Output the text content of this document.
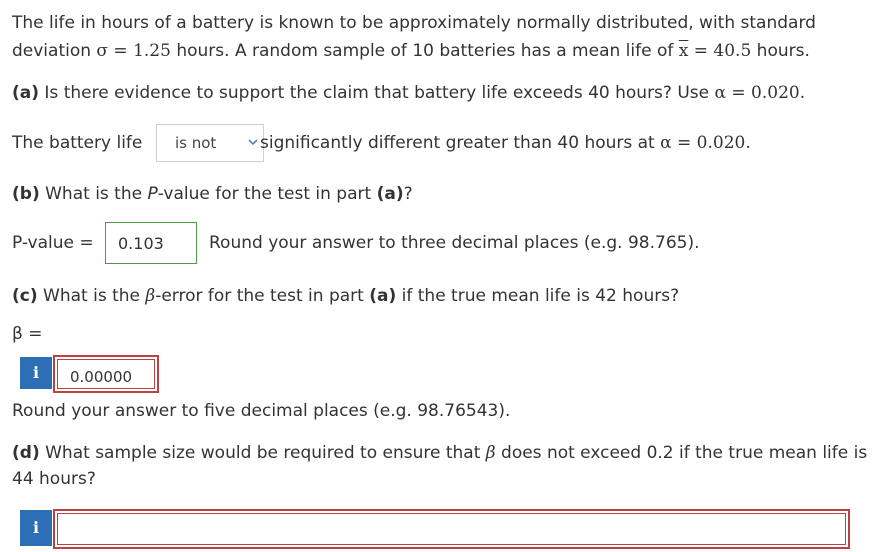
The life in hours of a battery is known to be approximately normally distributed, with standard
deviation σ = 1.25 hours. A random sample of 10 batteries has a mean life of $\overline{x} = 40.5$ hours.
(a) Is there evidence to support the claim that battery life exceeds 40 hours? Use α = 0.020.
The battery life is not	significantly different greater than 40 hours at α = 0.020.
(b) What is the P-value for the test in part (a)?
P-value = 0.103	Round your answer to three decimal places (e.g. 98.765).
(c) What is the β-error for the test in part (a) if the true mean life is 42 hours?
β =
i	0.00000
Round your answer to five decimal places (e.g. 98.76543).
(d) What sample size would be required to ensure that β does not exceed 0.2 if the true mean life is
44 hours?
i
